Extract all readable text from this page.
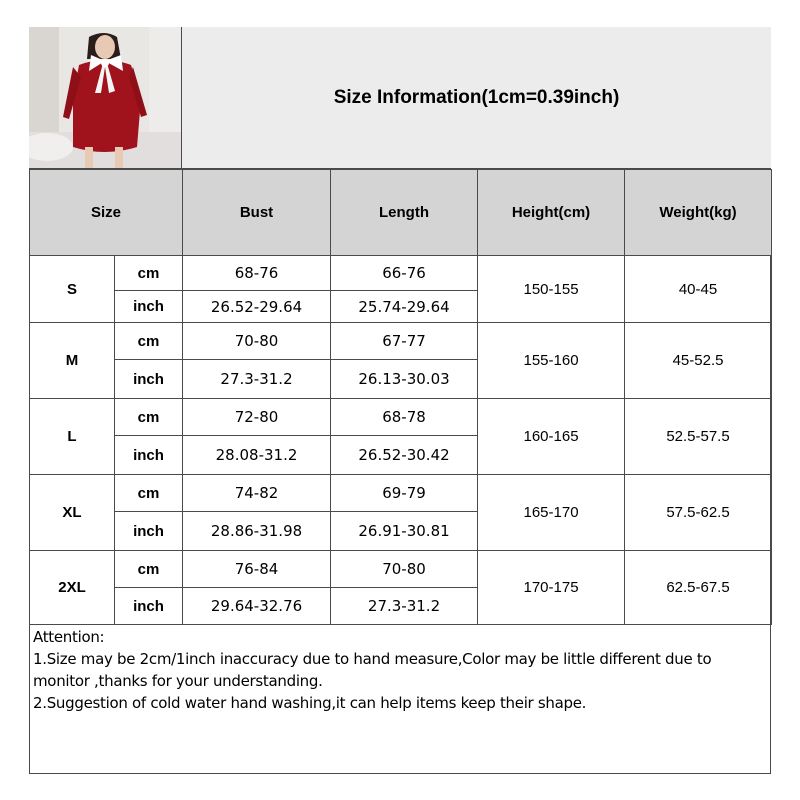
Size Information(1cm=0.39inch)
Size		Bust	Length	Height(cm)	Weight(kg)
S	cm	68-76	66-76	150-155	40-45
	inch	26.52-29.64	25.74-29.64		
M	cm	70-80	67-77	155-160	45-52.5
	inch	27.3-31.2	26.13-30.03		
L	cm	72-80	68-78	160-165	52.5-57.5
	inch	28.08-31.2	26.52-30.42		
XL	cm	74-82	69-79	165-170	57.5-62.5
	inch	28.86-31.98	26.91-30.81		
2XL	cm	76-84	70-80	170-175	62.5-67.5
	inch	29.64-32.76	27.3-31.2		
Attention:
1.Size may be 2cm/1inch inaccuracy due to hand measure,Color may be little different due to monitor ,thanks for your understanding.
2.Suggestion of cold water hand washing,it can help items keep their shape.
